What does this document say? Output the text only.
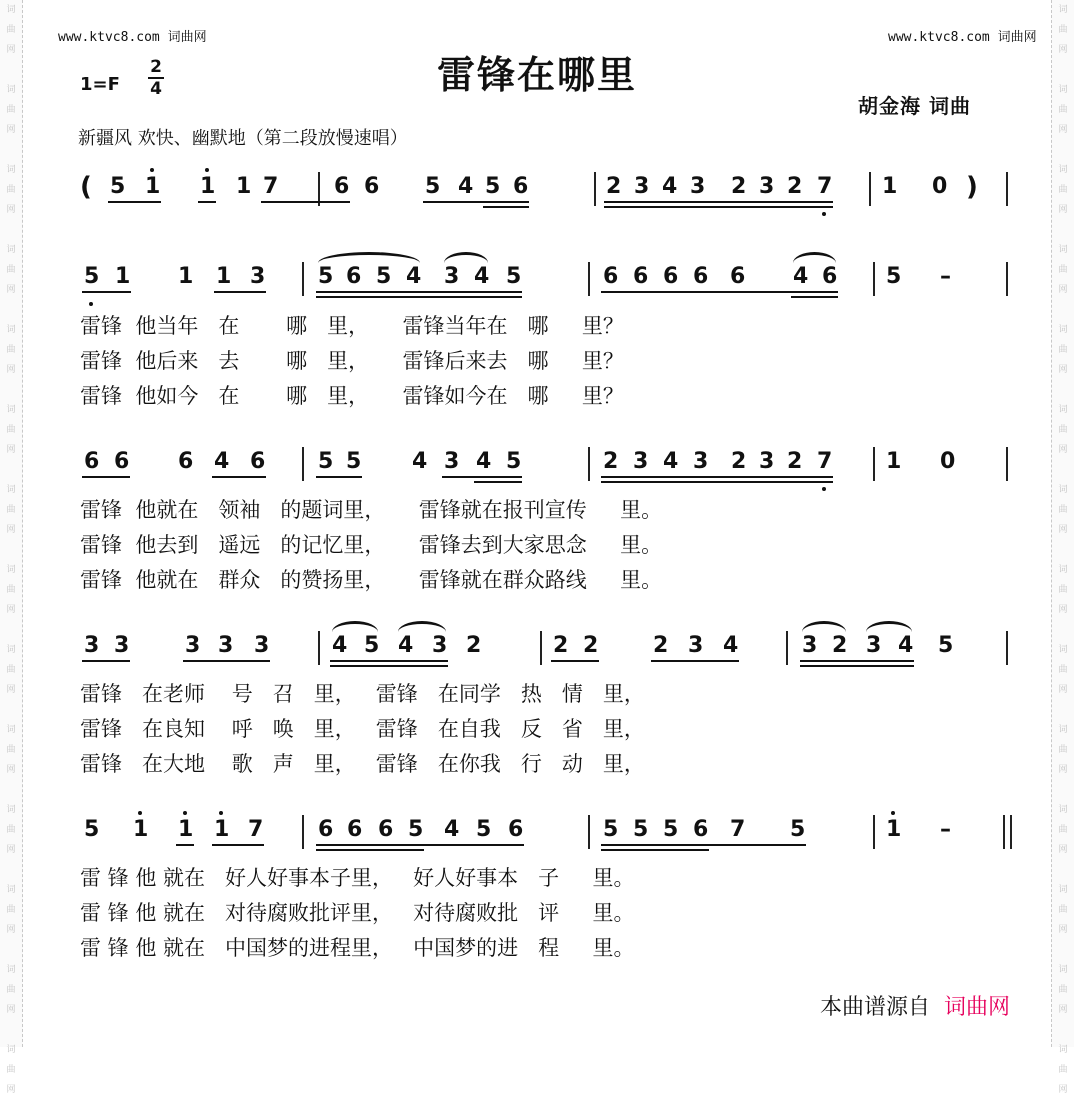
词
曲
网

词
曲
网

词
曲
网

词
曲
网

词
曲
网

词
曲
网

词
曲
网

词
曲
网

词
曲
网

词
曲
网

词
曲
网

词
曲
网

词
曲
网

词
曲
网
词
曲
网

词
曲
网

词
曲
网

词
曲
网

词
曲
网

词
曲
网

词
曲
网

词
曲
网

词
曲
网

词
曲
网

词
曲
网

词
曲
网

词
曲
网

词
曲
网
www.ktvc8.com 词曲网	www.ktvc8.com 词曲网
雷锋在哪里
1=F
2
4
胡金海 词曲
新疆风 欢快、幽默地（第二段放慢速唱）
( 5 1 1 1 7	6 6 5 4 5 6	2 3 4 3 2 3 2 7 1 0 )
5 1 1 1 3 5 6 5 4 3 4 5	6 6 6 6 6 4 6 5 –
雷锋  他当年   在       哪   里，     雷锋当年在   哪     里？
雷锋  他后来   去       哪   里，     雷锋后来去   哪     里？
雷锋  他如今   在       哪   里，     雷锋如今在   哪     里？
6 6 6 4 6 5 5 4 3 4 5	2 3 4 3 2 3 2 7 1 0
雷锋  他就在   领袖   的题词里，     雷锋就在报刊宣传     里。
雷锋  他去到   遥远   的记忆里，     雷锋去到大家思念     里。
雷锋  他就在   群众   的赞扬里，     雷锋就在群众路线     里。
3 3	3 3 3	4 5 4 3 2	2 2 2 3 4	3 2 3 4 5
雷锋   在老师    号   召   里，   雷锋   在同学   热   情   里，
雷锋   在良知    呼   唤   里，   雷锋   在自我   反   省   里，
雷锋   在大地    歌   声   里，   雷锋   在你我   行   动   里，
5 1 1 1 7 6 6 6 5 4 5 6	5 5 5 6 7 5	1 –
雷 锋 他 就在   好人好事本子里，   好人好事本   子     里。
雷 锋 他 就在   对待腐败批评里，   对待腐败批   评     里。
雷 锋 他 就在   中国梦的进程里，   中国梦的进   程     里。
本曲谱源自 词曲网
